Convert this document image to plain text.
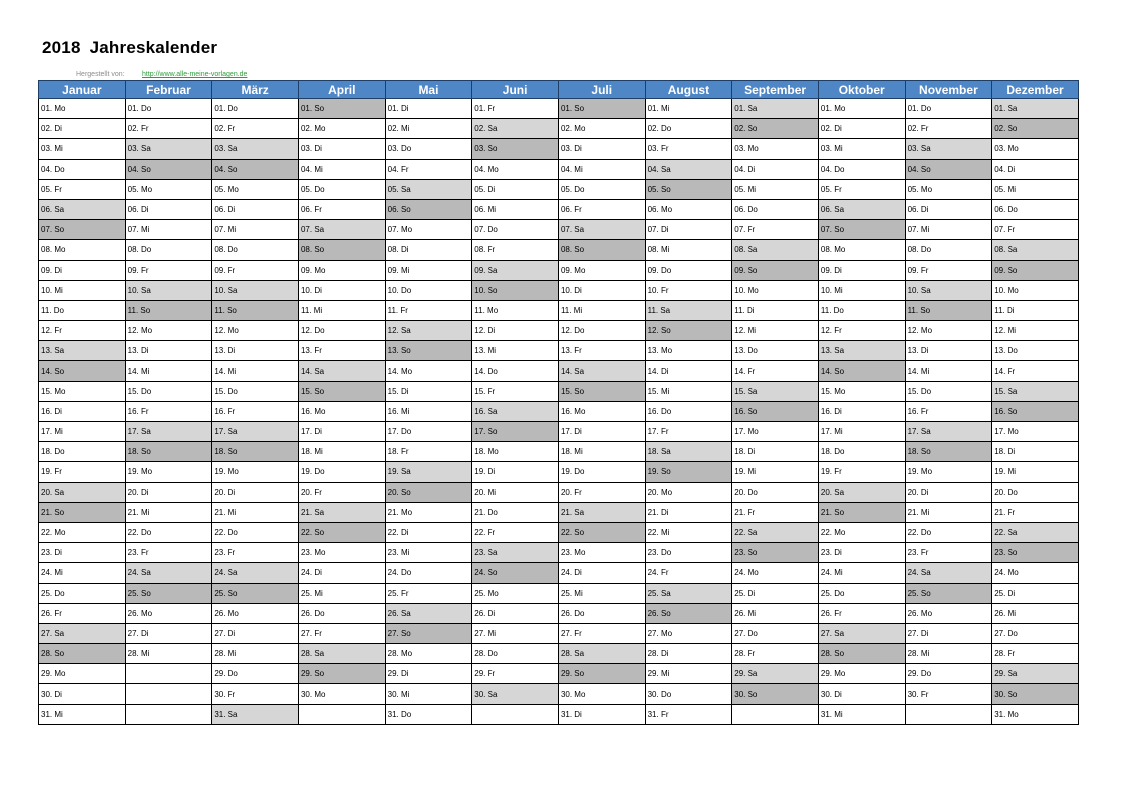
2018 Jahreskalender
Hergestellt von: http://www.alle-meine-vorlagen.de
Januar	Februar	März	April	Mai	Juni	Juli	August	September	Oktober	November	Dezember
01. Mo	01. Do	01. Do	01. So	01. Di	01. Fr	01. So	01. Mi	01. Sa	01. Mo	01. Do	01. Sa
02. Di	02. Fr	02. Fr	02. Mo	02. Mi	02. Sa	02. Mo	02. Do	02. So	02. Di	02. Fr	02. So
03. Mi	03. Sa	03. Sa	03. Di	03. Do	03. So	03. Di	03. Fr	03. Mo	03. Mi	03. Sa	03. Mo
04. Do	04. So	04. So	04. Mi	04. Fr	04. Mo	04. Mi	04. Sa	04. Di	04. Do	04. So	04. Di
05. Fr	05. Mo	05. Mo	05. Do	05. Sa	05. Di	05. Do	05. So	05. Mi	05. Fr	05. Mo	05. Mi
06. Sa	06. Di	06. Di	06. Fr	06. So	06. Mi	06. Fr	06. Mo	06. Do	06. Sa	06. Di	06. Do
07. So	07. Mi	07. Mi	07. Sa	07. Mo	07. Do	07. Sa	07. Di	07. Fr	07. So	07. Mi	07. Fr
08. Mo	08. Do	08. Do	08. So	08. Di	08. Fr	08. So	08. Mi	08. Sa	08. Mo	08. Do	08. Sa
09. Di	09. Fr	09. Fr	09. Mo	09. Mi	09. Sa	09. Mo	09. Do	09. So	09. Di	09. Fr	09. So
10. Mi	10. Sa	10. Sa	10. Di	10. Do	10. So	10. Di	10. Fr	10. Mo	10. Mi	10. Sa	10. Mo
11. Do	11. So	11. So	11. Mi	11. Fr	11. Mo	11. Mi	11. Sa	11. Di	11. Do	11. So	11. Di
12. Fr	12. Mo	12. Mo	12. Do	12. Sa	12. Di	12. Do	12. So	12. Mi	12. Fr	12. Mo	12. Mi
13. Sa	13. Di	13. Di	13. Fr	13. So	13. Mi	13. Fr	13. Mo	13. Do	13. Sa	13. Di	13. Do
14. So	14. Mi	14. Mi	14. Sa	14. Mo	14. Do	14. Sa	14. Di	14. Fr	14. So	14. Mi	14. Fr
15. Mo	15. Do	15. Do	15. So	15. Di	15. Fr	15. So	15. Mi	15. Sa	15. Mo	15. Do	15. Sa
16. Di	16. Fr	16. Fr	16. Mo	16. Mi	16. Sa	16. Mo	16. Do	16. So	16. Di	16. Fr	16. So
17. Mi	17. Sa	17. Sa	17. Di	17. Do	17. So	17. Di	17. Fr	17. Mo	17. Mi	17. Sa	17. Mo
18. Do	18. So	18. So	18. Mi	18. Fr	18. Mo	18. Mi	18. Sa	18. Di	18. Do	18. So	18. Di
19. Fr	19. Mo	19. Mo	19. Do	19. Sa	19. Di	19. Do	19. So	19. Mi	19. Fr	19. Mo	19. Mi
20. Sa	20. Di	20. Di	20. Fr	20. So	20. Mi	20. Fr	20. Mo	20. Do	20. Sa	20. Di	20. Do
21. So	21. Mi	21. Mi	21. Sa	21. Mo	21. Do	21. Sa	21. Di	21. Fr	21. So	21. Mi	21. Fr
22. Mo	22. Do	22. Do	22. So	22. Di	22. Fr	22. So	22. Mi	22. Sa	22. Mo	22. Do	22. Sa
23. Di	23. Fr	23. Fr	23. Mo	23. Mi	23. Sa	23. Mo	23. Do	23. So	23. Di	23. Fr	23. So
24. Mi	24. Sa	24. Sa	24. Di	24. Do	24. So	24. Di	24. Fr	24. Mo	24. Mi	24. Sa	24. Mo
25. Do	25. So	25. So	25. Mi	25. Fr	25. Mo	25. Mi	25. Sa	25. Di	25. Do	25. So	25. Di
26. Fr	26. Mo	26. Mo	26. Do	26. Sa	26. Di	26. Do	26. So	26. Mi	26. Fr	26. Mo	26. Mi
27. Sa	27. Di	27. Di	27. Fr	27. So	27. Mi	27. Fr	27. Mo	27. Do	27. Sa	27. Di	27. Do
28. So	28. Mi	28. Mi	28. Sa	28. Mo	28. Do	28. Sa	28. Di	28. Fr	28. So	28. Mi	28. Fr
29. Mo		29. Do	29. So	29. Di	29. Fr	29. So	29. Mi	29. Sa	29. Mo	29. Do	29. Sa
30. Di		30. Fr	30. Mo	30. Mi	30. Sa	30. Mo	30. Do	30. So	30. Di	30. Fr	30. So
31. Mi		31. Sa		31. Do		31. Di	31. Fr		31. Mi		31. Mo
